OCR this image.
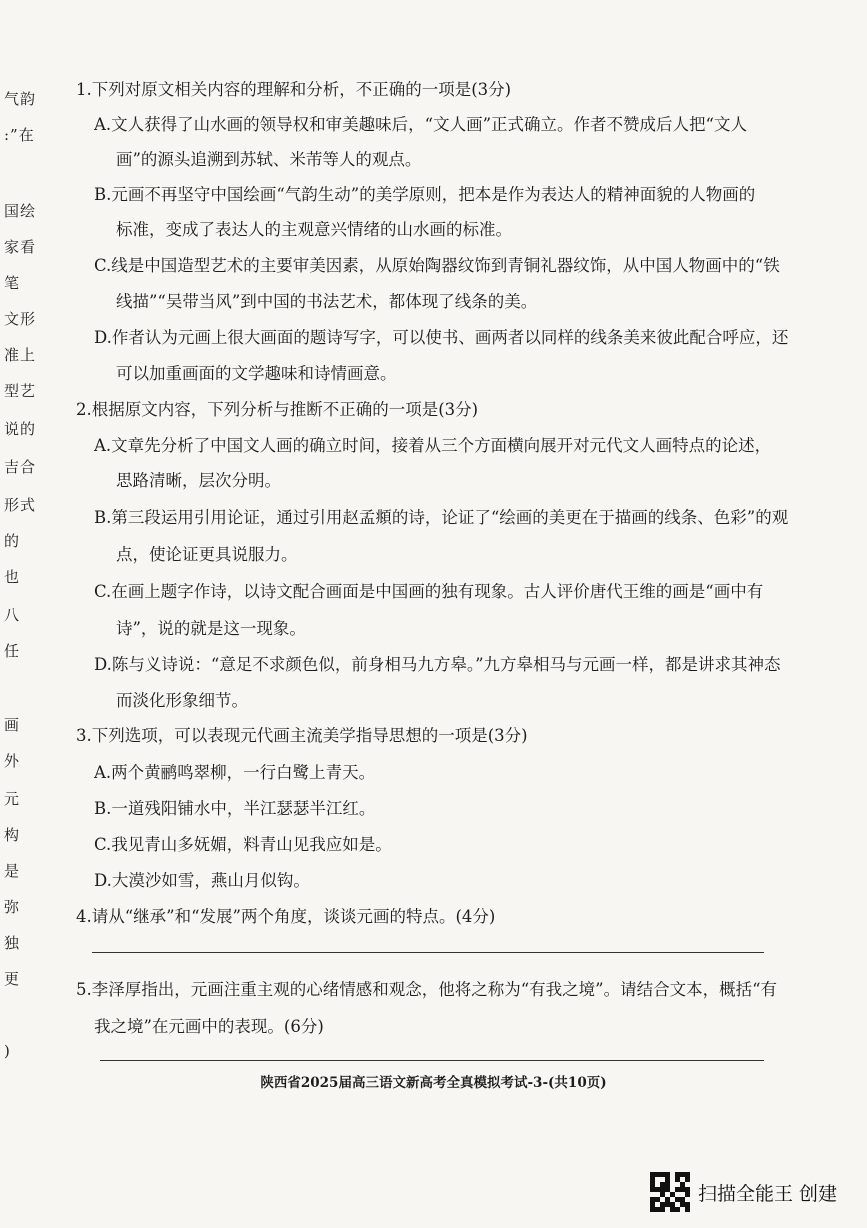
气韵
:”在
国绘
家看
笔
文形
准上
型艺
说的
吉合
形式
的
也
八
任
画
外
元
构
是
弥
独
更
)
1.下列对原文相关内容的理解和分析，不正确的一项是(3分)
A.文人获得了山水画的领导权和审美趣味后，“文人画”正式确立。作者不赞成后人把“文人
画”的源头追溯到苏轼、米芾等人的观点。
B.元画不再坚守中国绘画“气韵生动”的美学原则，把本是作为表达人的精神面貌的人物画的
标准，变成了表达人的主观意兴情绪的山水画的标准。
C.线是中国造型艺术的主要审美因素，从原始陶器纹饰到青铜礼器纹饰，从中国人物画中的“铁
线描”“吴带当风”到中国的书法艺术，都体现了线条的美。
D.作者认为元画上很大画面的题诗写字，可以使书、画两者以同样的线条美来彼此配合呼应，还
可以加重画面的文学趣味和诗情画意。
2.根据原文内容，下列分析与推断不正确的一项是(3分)
A.文章先分析了中国文人画的确立时间，接着从三个方面横向展开对元代文人画特点的论述，
思路清晰，层次分明。
B.第三段运用引用论证，通过引用赵孟頫的诗，论证了“绘画的美更在于描画的线条、色彩”的观
点，使论证更具说服力。
C.在画上题字作诗，以诗文配合画面是中国画的独有现象。古人评价唐代王维的画是“画中有
诗”，说的就是这一现象。
D.陈与义诗说：“意足不求颜色似，前身相马九方皋。”九方皋相马与元画一样，都是讲求其神态
而淡化形象细节。
3.下列选项，可以表现元代画主流美学指导思想的一项是(3分)
A.两个黄鹂鸣翠柳，一行白鹭上青天。
B.一道残阳铺水中，半江瑟瑟半江红。
C.我见青山多妩媚，料青山见我应如是。
D.大漠沙如雪，燕山月似钩。
4.请从“继承”和“发展”两个角度，谈谈元画的特点。(4分)
5.李泽厚指出，元画注重主观的心绪情感和观念，他将之称为“有我之境”。请结合文本，概括“有
我之境”在元画中的表现。(6分)
陕西省2025届高三语文新高考全真模拟考试-3-(共10页)
扫描全能王 创建
